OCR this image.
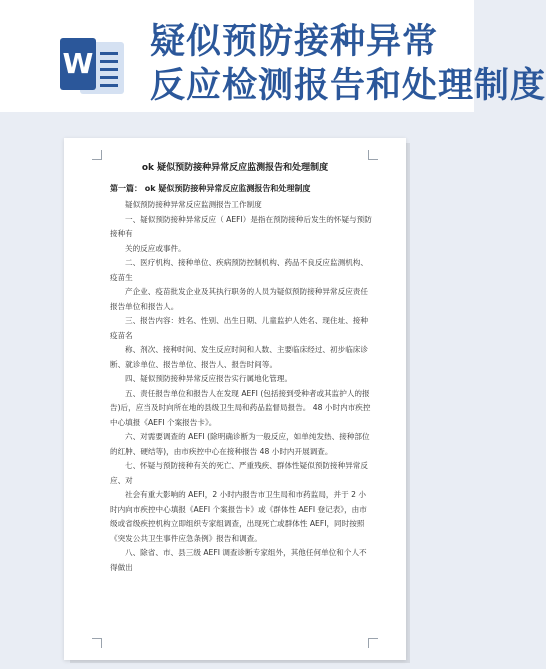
W
疑似预防接种异常
反应检测报告和处理制度
ok 疑似预防接种异常反应监测报告和处理制度
第一篇： ok 疑似预防接种异常反应监测报告和处理制度

疑似预防接种异常反应监测报告工作制度

一、疑似预防接种异常反应（ AEFI）是指在预防接种后发生的怀疑与预防接种有

关的反应或事件。

二、医疗机构、接种单位、疾病预防控制机构、药品不良反应监测机构、疫苗生

产企业、疫苗批发企业及其执行职务的人员为疑似预防接种异常反应责任报告单位和报告人。

三、报告内容：姓名、性别、出生日期、儿童监护人姓名、现住址、接种疫苗名

称、剂次、接种时间、发生反应时间和人数、主要临床经过、初步临床诊断、就诊单位、报告单位、报告人、报告时间等。

四、疑似预防接种异常反应报告实行属地化管理。

五、责任报告单位和报告人在发现 AEFI (包括接到受种者或其监护人的报告)后，应当及时向所在地的县级卫生局和药品监督局报告。 48 小时内市疾控中心填报《AEFI 个案报告卡》。

六、对需要调查的 AEFI (除明确诊断为一般反应，如单纯发热、接种部位的红肿、硬结等)，由市疾控中心在接种报告 48 小时内开展调查。

七、怀疑与预防接种有关的死亡、严重残疾、群体性疑似预防接种异常反应、对

社会有重大影响的 AEFI，2 小时内报告市卫生局和市药监局，并于 2 小时内向市疾控中心填报《AEFI 个案报告卡》或《群体性 AEFI 登记表》，由市级或省级疾控机构立即组织专家组调查，出现死亡或群体性 AEFI，同时按照《突发公共卫生事件应急条例》报告和调查。

八、除省、市、县三级 AEFI 调查诊断专家组外，其他任何单位和个人不得做出
